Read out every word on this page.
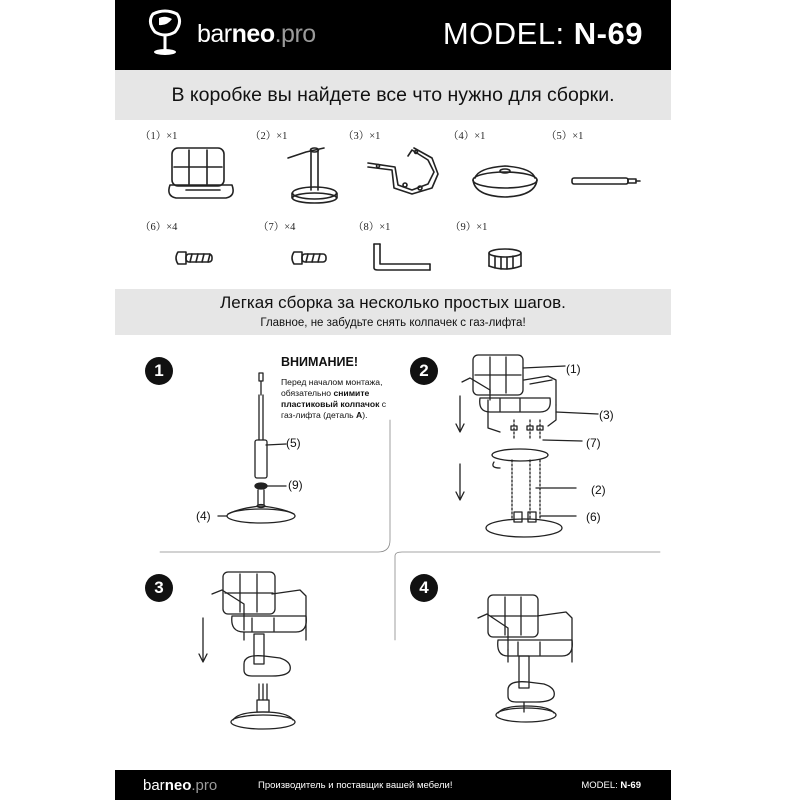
barneo.pro	MODEL: N-69
В коробке вы найдете все что нужно для сборки.
（1）×1	（2）×1	（3）×1	（4）×1	（5）×1
（6）×4	（7）×4	（8）×1	（9）×1
Легкая сборка за несколько простых шагов.
Главное, не забудьте снять колпачек с газ-лифта!
1	2
3	4
ВНИМАНИЕ!
Перед началом монтажа, обязательно снимите пластиковый колпачок с газ-лифта (деталь A).
(5)
(9)
(4)
(1)
(3)
(7)
(2)
(6)
barneo.pro	Производитель и поставщик вашей мебели!	MODEL: N-69
